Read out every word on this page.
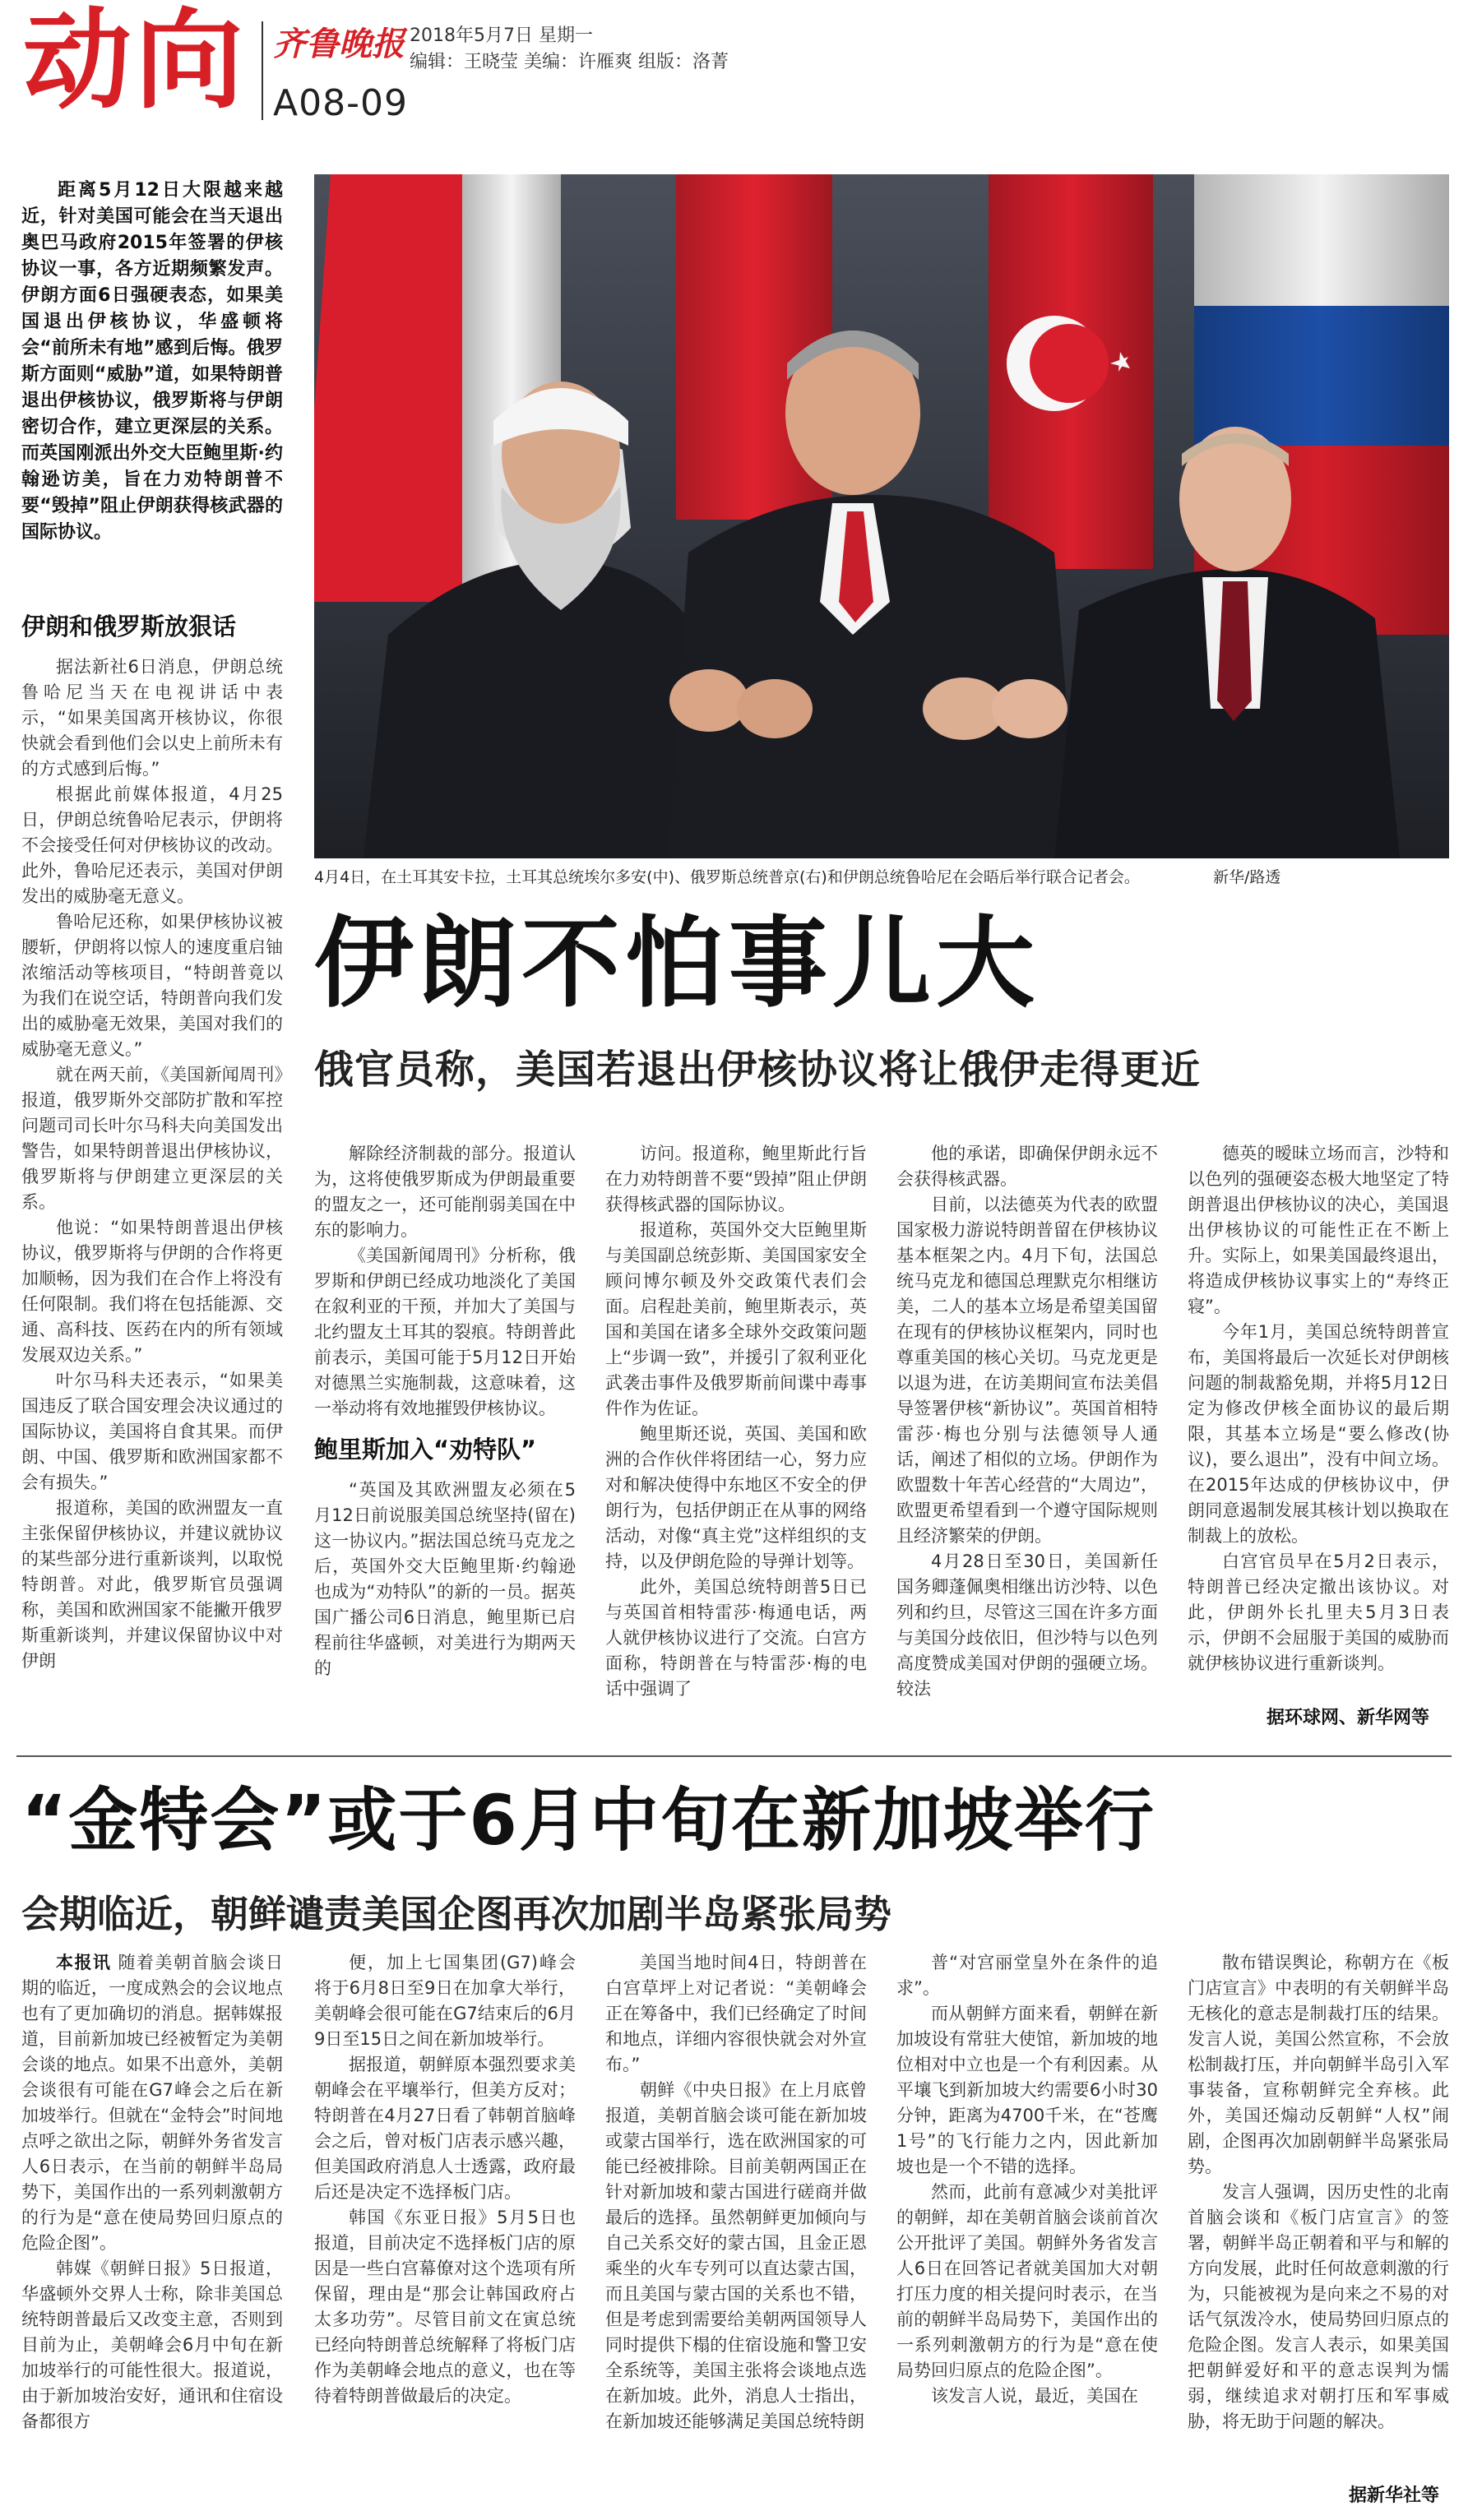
动向 齐鲁晚报 2018年5月7日 星期一
编辑：王晓莹 美编：许雁爽 组版：洛菁
A08-09

距离5月12日大限越来越近，针对美国可能会在当天退出奥巴马政府2015年签署的伊核协议一事，各方近期频繁发声。伊朗方面6日强硬表态，如果美国退出伊核协议，华盛顿将会“前所未有地”感到后悔。俄罗斯方面则“威胁”道，如果特朗普退出伊核协议，俄罗斯将与伊朗密切合作，建立更深层的关系。而英国刚派出外交大臣鲍里斯·约翰逊访美，旨在力劝特朗普不要“毁掉”阻止伊朗获得核武器的国际协议。

伊朗和俄罗斯放狠话

据法新社6日消息，伊朗总统鲁哈尼当天在电视讲话中表示，“如果美国离开核协议，你很快就会看到他们会以史上前所未有的方式感到后悔。”

根据此前媒体报道，4月25日，伊朗总统鲁哈尼表示，伊朗将不会接受任何对伊核协议的改动。此外，鲁哈尼还表示，美国对伊朗发出的威胁毫无意义。

鲁哈尼还称，如果伊核协议被腰斩，伊朗将以惊人的速度重启铀浓缩活动等核项目，“特朗普竟以为我们在说空话，特朗普向我们发出的威胁毫无效果，美国对我们的威胁毫无意义。”

就在两天前，《美国新闻周刊》报道，俄罗斯外交部防扩散和军控问题司司长叶尔马科夫向美国发出警告，如果特朗普退出伊核协议，俄罗斯将与伊朗建立更深层的关系。

他说：“如果特朗普退出伊核协议，俄罗斯将与伊朗的合作将更加顺畅，因为我们在合作上将没有任何限制。我们将在包括能源、交通、高科技、医药在内的所有领域发展双边关系。”

叶尔马科夫还表示，“如果美国违反了联合国安理会决议通过的国际协议，美国将自食其果。而伊朗、中国、俄罗斯和欧洲国家都不会有损失。”

报道称，美国的欧洲盟友一直主张保留伊核协议，并建议就协议的某些部分进行重新谈判，以取悦特朗普。对此，俄罗斯官员强调称，美国和欧洲国家不能撇开俄罗斯重新谈判，并建议保留协议中对伊朗

4月4日，在土耳其安卡拉，土耳其总统埃尔多安(中)、俄罗斯总统普京(右)和伊朗总统鲁哈尼在会晤后举行联合记者会。	新华/路透
伊朗不怕事儿大
俄官员称，美国若退出伊核协议将让俄伊走得更近

解除经济制裁的部分。报道认为，这将使俄罗斯成为伊朗最重要的盟友之一，还可能削弱美国在中东的影响力。

《美国新闻周刊》分析称，俄罗斯和伊朗已经成功地淡化了美国在叙利亚的干预，并加大了美国与北约盟友土耳其的裂痕。特朗普此前表示，美国可能于5月12日开始对德黑兰实施制裁，这意味着，这一举动将有效地摧毁伊核协议。

鲍里斯加入“劝特队”

“英国及其欧洲盟友必须在5月12日前说服美国总统坚持(留在)这一协议内。”据法国总统马克龙之后，英国外交大臣鲍里斯·约翰逊也成为“劝特队”的新的一员。据英国广播公司6日消息，鲍里斯已启程前往华盛顿，对美进行为期两天的

访问。报道称，鲍里斯此行旨在力劝特朗普不要“毁掉”阻止伊朗获得核武器的国际协议。

报道称，英国外交大臣鲍里斯与美国副总统彭斯、美国国家安全顾问博尔顿及外交政策代表们会面。启程赴美前，鲍里斯表示，英国和美国在诸多全球外交政策问题上“步调一致”，并援引了叙利亚化武袭击事件及俄罗斯前间谍中毒事件作为佐证。

鲍里斯还说，英国、美国和欧洲的合作伙伴将团结一心，努力应对和解决使得中东地区不安全的伊朗行为，包括伊朗正在从事的网络活动，对像“真主党”这样组织的支持，以及伊朗危险的导弹计划等。

此外，美国总统特朗普5日已与英国首相特雷莎·梅通电话，两人就伊核协议进行了交流。白宫方面称，特朗普在与特雷莎·梅的电话中强调了

他的承诺，即确保伊朗永远不会获得核武器。

目前，以法德英为代表的欧盟国家极力游说特朗普留在伊核协议基本框架之内。4月下旬，法国总统马克龙和德国总理默克尔相继访美，二人的基本立场是希望美国留在现有的伊核协议框架内，同时也尊重美国的核心关切。马克龙更是以退为进，在访美期间宣布法美倡导签署伊核“新协议”。英国首相特雷莎·梅也分别与法德领导人通话，阐述了相似的立场。伊朗作为欧盟数十年苦心经营的“大周边”，欧盟更希望看到一个遵守国际规则且经济繁荣的伊朗。

4月28日至30日，美国新任国务卿蓬佩奥相继出访沙特、以色列和约旦，尽管这三国在许多方面与美国分歧依旧，但沙特与以色列高度赞成美国对伊朗的强硬立场。较法

德英的暧昧立场而言，沙特和以色列的强硬姿态极大地坚定了特朗普退出伊核协议的决心，美国退出伊核协议的可能性正在不断上升。实际上，如果美国最终退出，将造成伊核协议事实上的“寿终正寝”。

今年1月，美国总统特朗普宣布，美国将最后一次延长对伊朗核问题的制裁豁免期，并将5月12日定为修改伊核全面协议的最后期限，其基本立场是“要么修改(协议)，要么退出”，没有中间立场。在2015年达成的伊核协议中，伊朗同意遏制发展其核计划以换取在制裁上的放松。

白宫官员早在5月2日表示，特朗普已经决定撤出该协议。对此，伊朗外长扎里夫5月3日表示，伊朗不会屈服于美国的威胁而就伊核协议进行重新谈判。

据环球网、新华网等
“金特会”或于6月中旬在新加坡举行
会期临近，朝鲜谴责美国企图再次加剧半岛紧张局势

本报讯 随着美朝首脑会谈日期的临近，一度成熟会的会议地点也有了更加确切的消息。据韩媒报道，目前新加坡已经被暂定为美朝会谈的地点。如果不出意外，美朝会谈很有可能在G7峰会之后在新加坡举行。但就在“金特会”时间地点呼之欲出之际，朝鲜外务省发言人6日表示，在当前的朝鲜半岛局势下，美国作出的一系列刺激朝方的行为是“意在使局势回归原点的危险企图”。

韩媒《朝鲜日报》5日报道，华盛顿外交界人士称，除非美国总统特朗普最后又改变主意，否则到目前为止，美朝峰会6月中旬在新加坡举行的可能性很大。报道说，由于新加坡治安好，通讯和住宿设备都很方

便，加上七国集团(G7)峰会将于6月8日至9日在加拿大举行，美朝峰会很可能在G7结束后的6月9日至15日之间在新加坡举行。

据报道，朝鲜原本强烈要求美朝峰会在平壤举行，但美方反对；特朗普在4月27日看了韩朝首脑峰会之后，曾对板门店表示感兴趣，但美国政府消息人士透露，政府最后还是决定不选择板门店。

韩国《东亚日报》5月5日也报道，目前决定不选择板门店的原因是一些白宫幕僚对这个选项有所保留，理由是“那会让韩国政府占太多功劳”。尽管目前文在寅总统已经向特朗普总统解释了将板门店作为美朝峰会地点的意义，也在等待着特朗普做最后的决定。

美国当地时间4日，特朗普在白宫草坪上对记者说：“美朝峰会正在筹备中，我们已经确定了时间和地点，详细内容很快就会对外宣布。”

朝鲜《中央日报》在上月底曾报道，美朝首脑会谈可能在新加坡或蒙古国举行，选在欧洲国家的可能已经被排除。目前美朝两国正在针对新加坡和蒙古国进行磋商并做最后的选择。虽然朝鲜更加倾向与自己关系交好的蒙古国，且金正恩乘坐的火车专列可以直达蒙古国，而且美国与蒙古国的关系也不错，但是考虑到需要给美朝两国领导人同时提供下榻的住宿设施和警卫安全系统等，美国主张将会谈地点选在新加坡。此外，消息人士指出，在新加坡还能够满足美国总统特朗

普“对宫丽堂皇外在条件的追求”。

而从朝鲜方面来看，朝鲜在新加坡设有常驻大使馆，新加坡的地位相对中立也是一个有利因素。从平壤飞到新加坡大约需要6小时30分钟，距离为4700千米，在“苍鹰1号”的飞行能力之内，因此新加坡也是一个不错的选择。

然而，此前有意减少对美批评的朝鲜，却在美朝首脑会谈前首次公开批评了美国。朝鲜外务省发言人6日在回答记者就美国加大对朝打压力度的相关提问时表示，在当前的朝鲜半岛局势下，美国作出的一系列刺激朝方的行为是“意在使局势回归原点的危险企图”。

该发言人说，最近，美国在

散布错误舆论，称朝方在《板门店宣言》中表明的有关朝鲜半岛无核化的意志是制裁打压的结果。发言人说，美国公然宣称，不会放松制裁打压，并向朝鲜半岛引入军事装备，宣称朝鲜完全弃核。此外，美国还煽动反朝鲜“人权”闹剧，企图再次加剧朝鲜半岛紧张局势。

发言人强调，因历史性的北南首脑会谈和《板门店宣言》的签署，朝鲜半岛正朝着和平与和解的方向发展，此时任何故意刺激的行为，只能被视为是向来之不易的对话气氛泼冷水，使局势回归原点的危险企图。发言人表示，如果美国把朝鲜爱好和平的意志误判为懦弱，继续追求对朝打压和军事威胁，将无助于问题的解决。

据新华社等
